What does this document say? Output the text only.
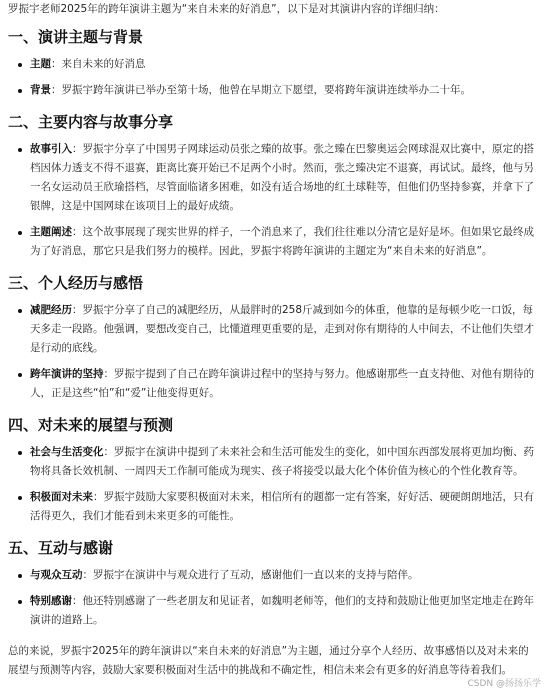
罗振宇老师2025年的跨年演讲主题为“来自未来的好消息”，以下是对其演讲内容的详细归纳：

一、演讲主题与背景
主题：来自未来的好消息
背景：罗振宇跨年演讲已举办至第十场，他曾在早期立下愿望，要将跨年演讲连续举办二十年。
二、主要内容与故事分享
故事引入：罗振宇分享了中国男子网球运动员张之臻的故事。张之臻在巴黎奥运会网球混双比赛中，原定的搭档因体力透支不得不退赛，距离比赛开始已不足两个小时。然而，张之臻决定不退赛，再试试。最终，他与另一名女运动员王欣瑜搭档，尽管面临诸多困难，如没有适合场地的红土球鞋等，但他们仍坚持参赛，并拿下了银牌，这是中国网球在该项目上的最好成绩。
主题阐述：这个故事展现了现实世界的样子，一个消息来了，我们往往难以分清它是好是坏。但如果它最终成为了好消息，那它只是我们努力的模样。因此，罗振宇将跨年演讲的主题定为“来自未来的好消息”。
三、个人经历与感悟
减肥经历：罗振宇分享了自己的减肥经历，从最胖时的258斤减到如今的体重，他靠的是每顿少吃一口饭，每天多走一段路。他强调，要想改变自己，比懂道理更重要的是，走到对你有期待的人中间去，不让他们失望才是行动的底线。
跨年演讲的坚持：罗振宇提到了自己在跨年演讲过程中的坚持与努力。他感谢那些一直支持他、对他有期待的人，正是这些“怕”和“爱”让他变得更好。
四、对未来的展望与预测
社会与生活变化：罗振宇在演讲中提到了未来社会和生活可能发生的变化，如中国东西部发展将更加均衡、药物将具备长效机制、一周四天工作制可能成为现实、孩子将接受以最大化个体价值为核心的个性化教育等。
积极面对未来：罗振宇鼓励大家要积极面对未来，相信所有的题都一定有答案，好好活、硬硬朗朗地活，只有活得更久，我们才能看到未来更多的可能性。
五、互动与感谢
与观众互动：罗振宇在演讲中与观众进行了互动，感谢他们一直以来的支持与陪伴。
特别感谢：他还特别感谢了一些老朋友和见证者，如魏明老师等，他们的支持和鼓励让他更加坚定地走在跨年演讲的道路上。

总的来说，罗振宇2025年的跨年演讲以“来自未来的好消息”为主题，通过分享个人经历、故事感悟以及对未来的展望与预测等内容，鼓励大家要积极面对生活中的挑战和不确定性，相信未来会有更多的好消息等待着我们。

CSDN @扬扬乐学
